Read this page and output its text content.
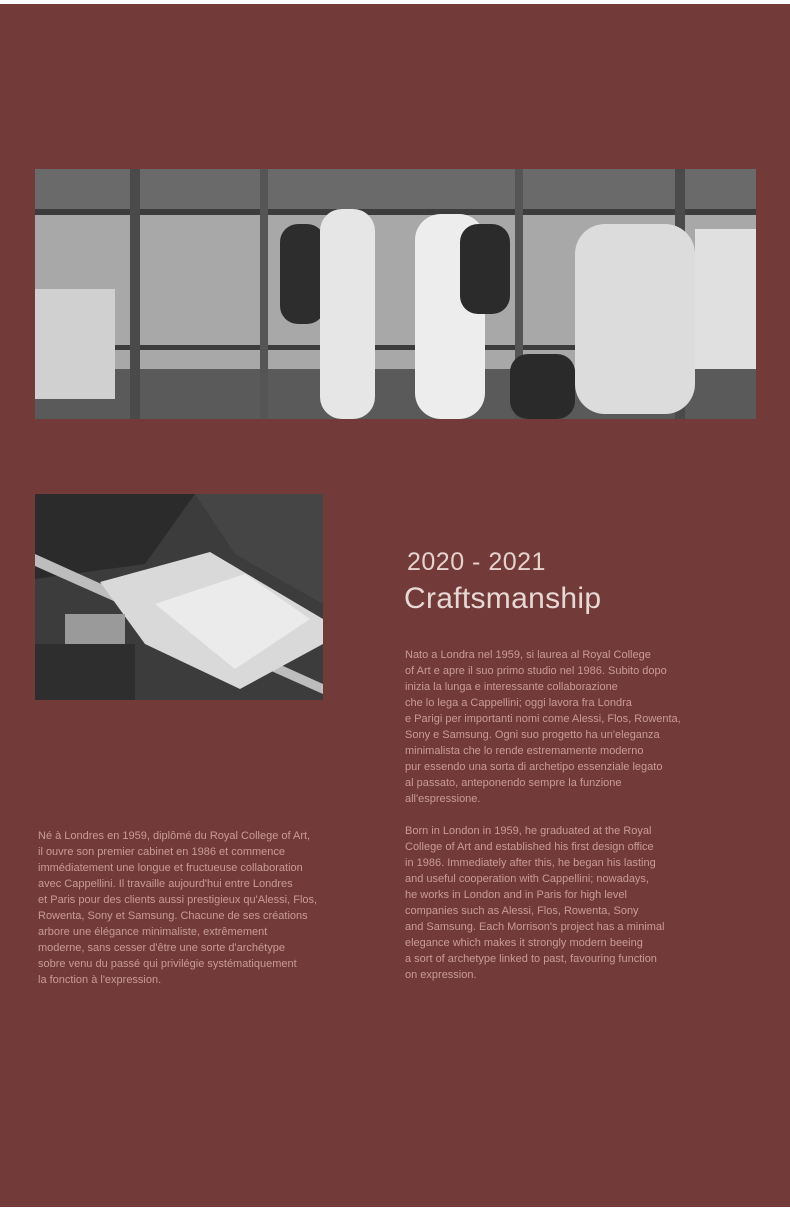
2020 - 2021
Craftsmanship

Nato a Londra nel 1959, si laurea al Royal College
of Art e apre il suo primo studio nel 1986. Subito dopo
inizia la lunga e interessante collaborazione
che lo lega a Cappellini; oggi lavora fra Londra
e Parigi per importanti nomi come Alessi, Flos, Rowenta,
Sony e Samsung. Ogni suo progetto ha un'eleganza
minimalista che lo rende estremamente moderno
pur essendo una sorta di archetipo essenziale legato
al passato, anteponendo sempre la funzione
all'espressione.

Born in London in 1959, he graduated at the Royal
College of Art and established his first design office
in 1986. Immediately after this, he began his lasting
and useful cooperation with Cappellini; nowadays,
he works in London and in Paris for high level
companies such as Alessi, Flos, Rowenta, Sony
and Samsung. Each Morrison's project has a minimal
elegance which makes it strongly modern beeing
a sort of archetype linked to past, favouring function
on expression.

Né à Londres en 1959, diplômé du Royal College of Art,
il ouvre son premier cabinet en 1986 et commence
immédiatement une longue et fructueuse collaboration
avec Cappellini. Il travaille aujourd'hui entre Londres
et Paris pour des clients aussi prestigieux qu'Alessi, Flos,
Rowenta, Sony et Samsung. Chacune de ses créations
arbore une élégance minimaliste, extrêmement
moderne, sans cesser d'être une sorte d'archétype
sobre venu du passé qui privilégie systématiquement
la fonction à l'expression.
